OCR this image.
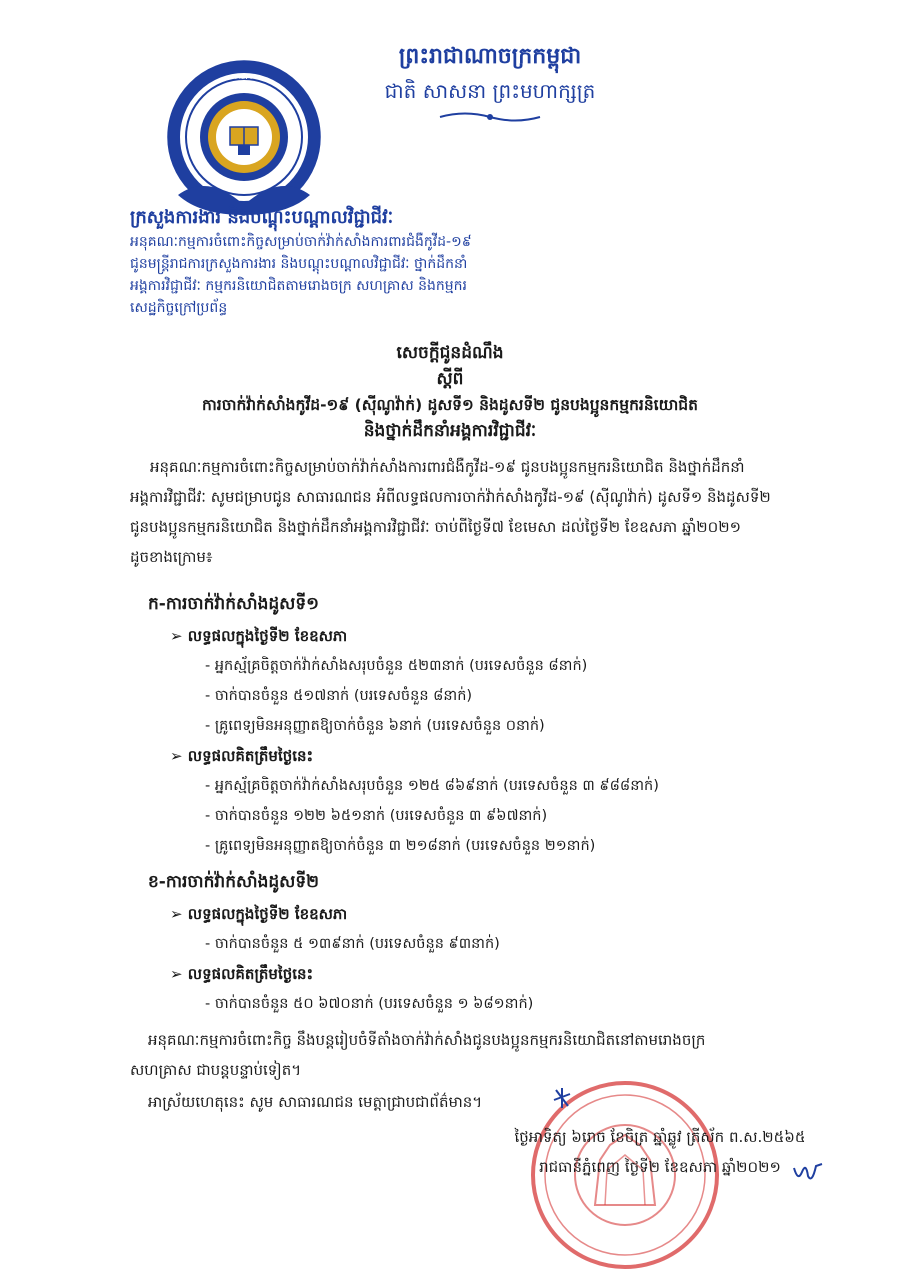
MLVT
ព្រះរាជាណាចក្រកម្ពុជា
ជាតិ សាសនា ព្រះមហាក្សត្រ
ក្រសួងការងារ និងបណ្តុះបណ្តាលវិជ្ជាជីវៈ
អនុគណៈកម្មការចំពោះកិច្ចសម្រាប់ចាក់វ៉ាក់សាំងការពារជំងឺកូវីដ-១៩
ជូនមន្ត្រីរាជការក្រសួងការងារ និងបណ្តុះបណ្តាលវិជ្ជាជីវៈ ថ្នាក់ដឹកនាំ
អង្គការវិជ្ជាជីវៈ កម្មករនិយោជិតតាមរោងចក្រ សហគ្រាស និងកម្មករ
សេដ្ឋកិច្ចក្រៅប្រព័ន្ធ
សេចក្តីជូនដំណឹង
ស្តីពី
ការចាក់វ៉ាក់សាំងកូវីដ-១៩ (ស៊ីណូវ៉ាក់) ដូសទី១ និងដូសទី២ ជូនបងប្អូនកម្មករនិយោជិត
និងថ្នាក់ដឹកនាំអង្គការវិជ្ជាជីវៈ
អនុគណៈកម្មការចំពោះកិច្ចសម្រាប់ចាក់វ៉ាក់សាំងការពារជំងឺកូវីដ-១៩ ជូនបងប្អូនកម្មករនិយោជិត និងថ្នាក់ដឹកនាំ
អង្គការវិជ្ជាជីវៈ សូមជម្រាបជូន សាធារណជន អំពីលទ្ធផលការចាក់វ៉ាក់សាំងកូវីដ-១៩ (ស៊ីណូវ៉ាក់) ដូសទី១ និងដូសទី២
ជូនបងប្អូនកម្មករនិយោជិត និងថ្នាក់ដឹកនាំអង្គការវិជ្ជាជីវៈ ចាប់ពីថ្ងៃទី៧ ខែមេសា ដល់ថ្ងៃទី២ ខែឧសភា ឆ្នាំ២០២១
ដូចខាងក្រោម៖
ក-ការចាក់វ៉ាក់សាំងដូសទី១
➢ លទ្ធផលក្នុងថ្ងៃទី២ ខែឧសភា
- អ្នកស្ម័គ្រចិត្តចាក់វ៉ាក់សាំងសរុបចំនួន ៥២៣នាក់ (បរទេសចំនួន ៨នាក់)
- ចាក់បានចំនួន ៥១៧នាក់ (បរទេសចំនួន ៨នាក់)
- គ្រូពេទ្យមិនអនុញ្ញាតឱ្យចាក់ចំនួន ៦នាក់ (បរទេសចំនួន ០នាក់)
➢ លទ្ធផលគិតត្រឹមថ្ងៃនេះ
- អ្នកស្ម័គ្រចិត្តចាក់វ៉ាក់សាំងសរុបចំនួន ១២៥ ៨៦៩នាក់ (បរទេសចំនួន ៣ ៩៨៨នាក់)
- ចាក់បានចំនួន ១២២ ៦៥១នាក់ (បរទេសចំនួន ៣ ៩៦៧នាក់)
- គ្រូពេទ្យមិនអនុញ្ញាតឱ្យចាក់ចំនួន ៣ ២១៨នាក់ (បរទេសចំនួន ២១នាក់)
ខ-ការចាក់វ៉ាក់សាំងដូសទី២
➢ លទ្ធផលក្នុងថ្ងៃទី២ ខែឧសភា
- ចាក់បានចំនួន ៥ ១៣៩នាក់ (បរទេសចំនួន ៩៣នាក់)
➢ លទ្ធផលគិតត្រឹមថ្ងៃនេះ
- ចាក់បានចំនួន ៥០ ៦៧០នាក់ (បរទេសចំនួន ១ ៦៨១នាក់)
អនុគណៈកម្មការចំពោះកិច្ច នឹងបន្តរៀបចំទីតាំងចាក់វ៉ាក់សាំងជូនបងប្អូនកម្មករនិយោជិតនៅតាមរោងចក្រ
សហគ្រាស ជាបន្តបន្ទាប់ទៀត។
អាស្រ័យហេតុនេះ សូម សាធារណជន មេត្តាជ្រាបជាព័ត៌មាន។
ថ្ងៃអាទិត្យ ៦រោច ខែចិត្រ ឆ្នាំឆ្លូវ ត្រីស័ក ព.ស.២៥៦៥
រាជធានីភ្នំពេញ ថ្ងៃទី២ ខែឧសភា ឆ្នាំ២០២១
